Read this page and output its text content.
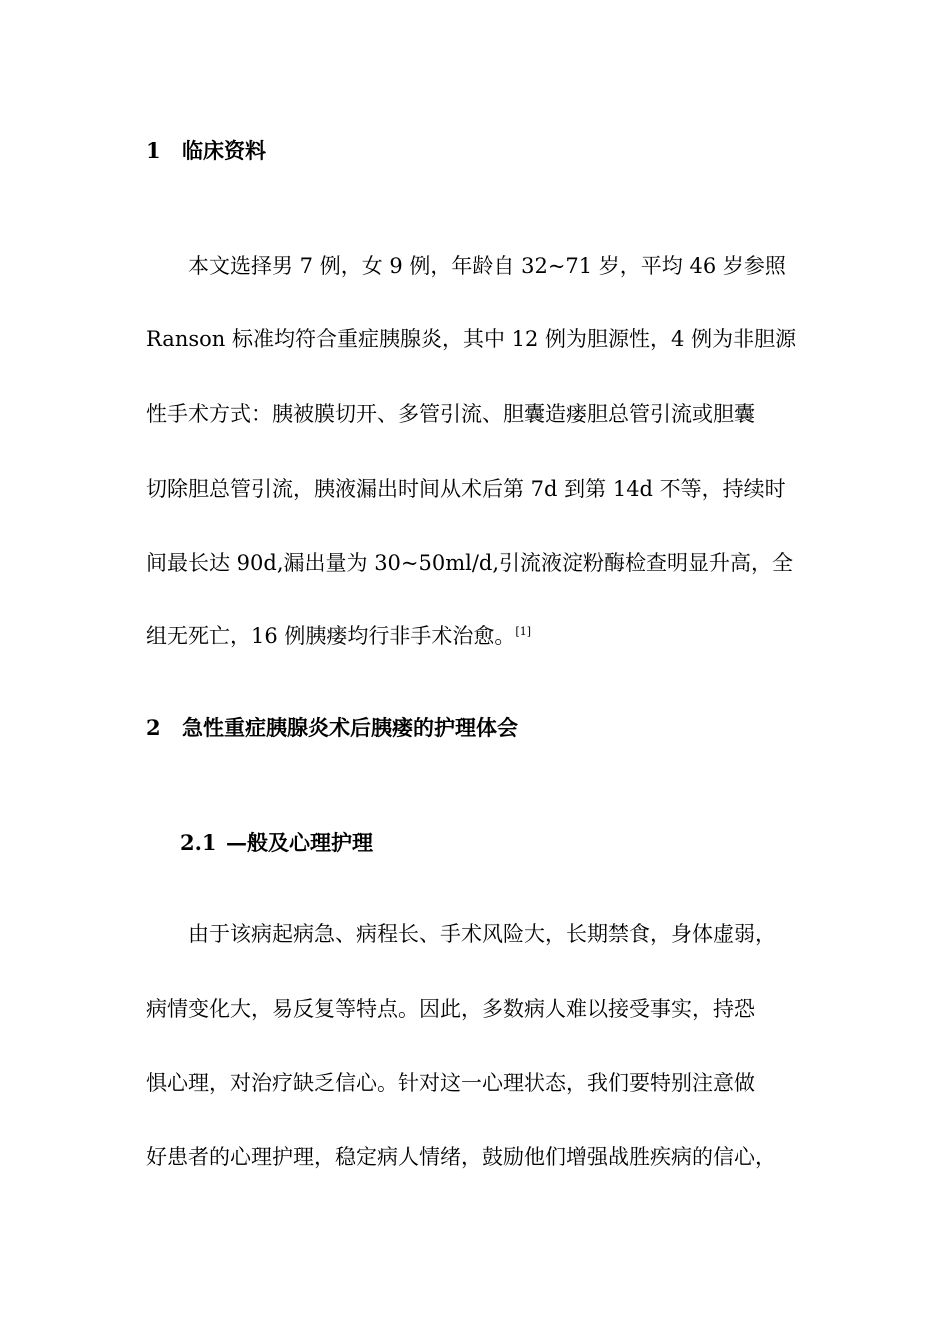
1 临床资料
本文选择男 7 例，女 9 例，年龄自 32~71 岁，平均 46 岁参照
Ranson 标准均符合重症胰腺炎，其中 12 例为胆源性，4 例为非胆源
性手术方式：胰被膜切开、多管引流、胆囊造瘘胆总管引流或胆囊
切除胆总管引流，胰液漏出时间从术后第 7d 到第 14d 不等，持续时
间最长达 90d,漏出量为 30~50ml/d,引流液淀粉酶检查明显升高，全
组无死亡，16 例胰瘘均行非手术治愈。[1]
2 急性重症胰腺炎术后胰瘘的护理体会
2.1 —般及心理护理
由于该病起病急、病程长、手术风险大，长期禁食，身体虚弱，
病情变化大，易反复等特点。因此，多数病人难以接受事实，持恐
惧心理，对治疗缺乏信心。针对这一心理状态，我们要特别注意做
好患者的心理护理，稳定病人情绪，鼓励他们增强战胜疾病的信心，
